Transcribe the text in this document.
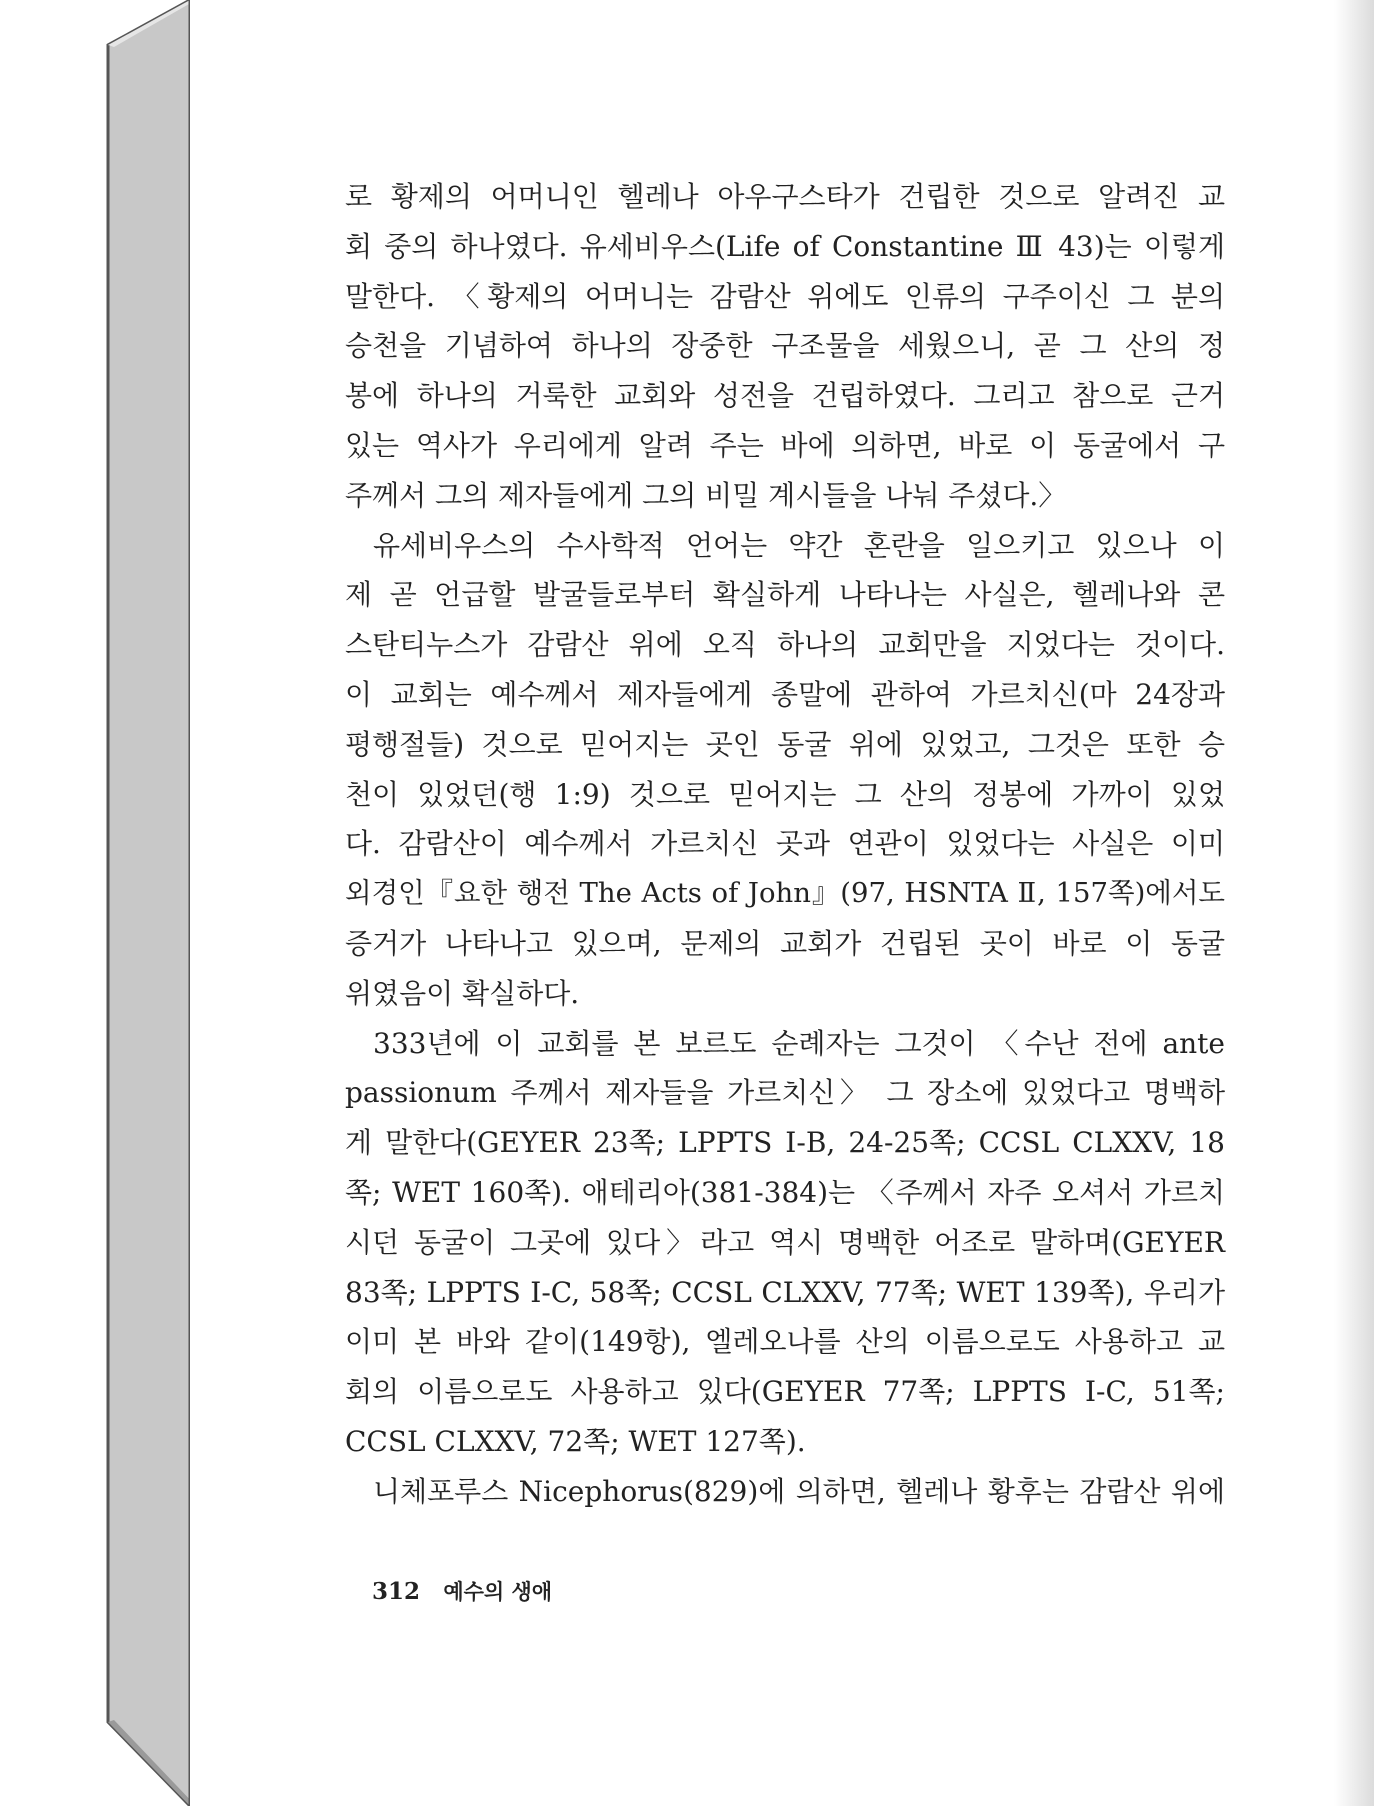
로 황제의 어머니인 헬레나 아우구스타가 건립한 것으로 알려진 교
회 중의 하나였다. 유세비우스(Life of Constantine Ⅲ 43)는 이렇게
말한다. 〈황제의 어머니는 감람산 위에도 인류의 구주이신 그 분의
승천을 기념하여 하나의 장중한 구조물을 세웠으니, 곧 그 산의 정
봉에 하나의 거룩한 교회와 성전을 건립하였다. 그리고 참으로 근거
있는 역사가 우리에게 알려 주는 바에 의하면, 바로 이 동굴에서 구
주께서 그의 제자들에게 그의 비밀 계시들을 나눠 주셨다.〉
유세비우스의 수사학적 언어는 약간 혼란을 일으키고 있으나 이
제 곧 언급할 발굴들로부터 확실하게 나타나는 사실은, 헬레나와 콘
스탄티누스가 감람산 위에 오직 하나의 교회만을 지었다는 것이다.
이 교회는 예수께서 제자들에게 종말에 관하여 가르치신(마 24장과
평행절들) 것으로 믿어지는 곳인 동굴 위에 있었고, 그것은 또한 승
천이 있었던(행 1:9) 것으로 믿어지는 그 산의 정봉에 가까이 있었
다. 감람산이 예수께서 가르치신 곳과 연관이 있었다는 사실은 이미
외경인『요한 행전 The Acts of John』(97, HSNTA Ⅱ, 157쪽)에서도
증거가 나타나고 있으며, 문제의 교회가 건립된 곳이 바로 이 동굴
위였음이 확실하다.
333년에 이 교회를 본 보르도 순례자는 그것이 〈수난 전에 ante
passionum 주께서 제자들을 가르치신〉 그 장소에 있었다고 명백하
게 말한다(GEYER 23쪽; LPPTS I-B, 24-25쪽; CCSL CLXXV, 18
쪽; WET 160쪽). 애테리아(381-384)는 〈주께서 자주 오셔서 가르치
시던 동굴이 그곳에 있다〉라고 역시 명백한 어조로 말하며(GEYER
83쪽; LPPTS I-C, 58쪽; CCSL CLXXV, 77쪽; WET 139쪽), 우리가
이미 본 바와 같이(149항), 엘레오나를 산의 이름으로도 사용하고 교
회의 이름으로도 사용하고 있다(GEYER 77쪽; LPPTS I-C, 51쪽;
CCSL CLXXV, 72쪽; WET 127쪽).
니체포루스 Nicephorus(829)에 의하면, 헬레나 황후는 감람산 위에
312 예수의 생애
